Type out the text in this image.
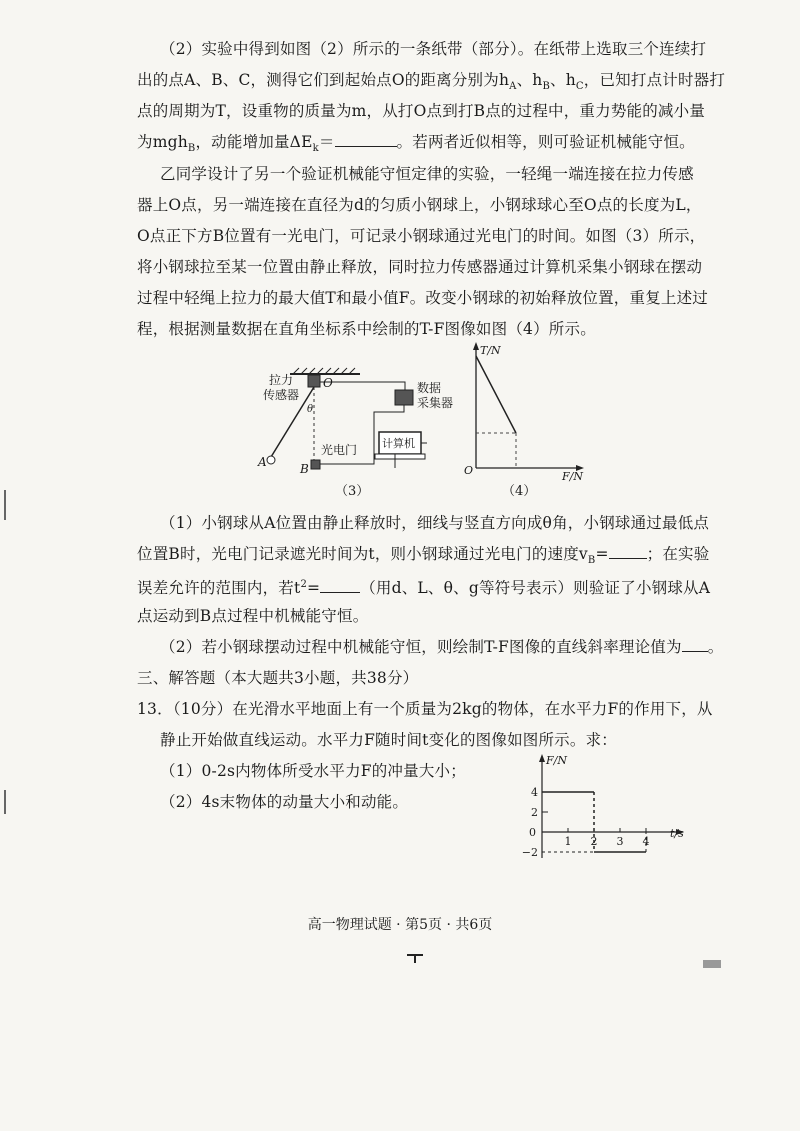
（2）实验中得到如图（2）所示的一条纸带（部分）。在纸带上选取三个连续打
出的点A、B、C，测得它们到起始点O的距离分别为$h_A$、$h_B$、$h_C$，已知打点计时器打
点的周期为T，设重物的质量为m，从打O点到打B点的过程中，重力势能的减小量
为mgh$_B$，动能增加量$\Delta E_k=$	。若两者近似相等，则可验证机械能守恒。
乙同学设计了另一个验证机械能守恒定律的实验，一轻绳一端连接在拉力传感
器上O点，另一端连接在直径为d的匀质小钢球上，小钢球球心至O点的长度为L，
O点正下方B位置有一光电门，可记录小钢球通过光电门的时间。如图（3）所示，
将小钢球拉至某一位置由静止释放，同时拉力传感器通过计算机采集小钢球在摆动
过程中轻绳上拉力的最大值T和最小值F。改变小钢球的初始释放位置，重复上述过
程，根据测量数据在直角坐标系中绘制的T-F图像如图（4）所示。
拉力
传感器
O
θ
数据
采集器
计算机
光电门
A	B
（3）
T/N
F/N
O
（4）
（1）小钢球从A位置由静止释放时，细线与竖直方向成θ角，小钢球通过最低点
位置B时，光电门记录遮光时间为t，则小钢球通过光电门的速度$v_B=$ ；在实验
误差允许的范围内，若$t^2=$	（用d、L、θ、g等符号表示）则验证了小钢球从A
点运动到B点过程中机械能守恒。
（2）若小钢球摆动过程中机械能守恒，则绘制T-F图像的直线斜率理论值为 。
三、解答题（本大题共3小题，共38分）
13．（10分）在光滑水平地面上有一个质量为2kg的物体，在水平力F的作用下，从
静止开始做直线运动。水平力F随时间t变化的图像如图所示。求：
（1）0-2s内物体所受水平力F的冲量大小；
（2）4s末物体的动量大小和动能。
4
2
−2
1 2 3 4
F/N
t/s
0
高一物理试题 · 第5页 · 共6页
